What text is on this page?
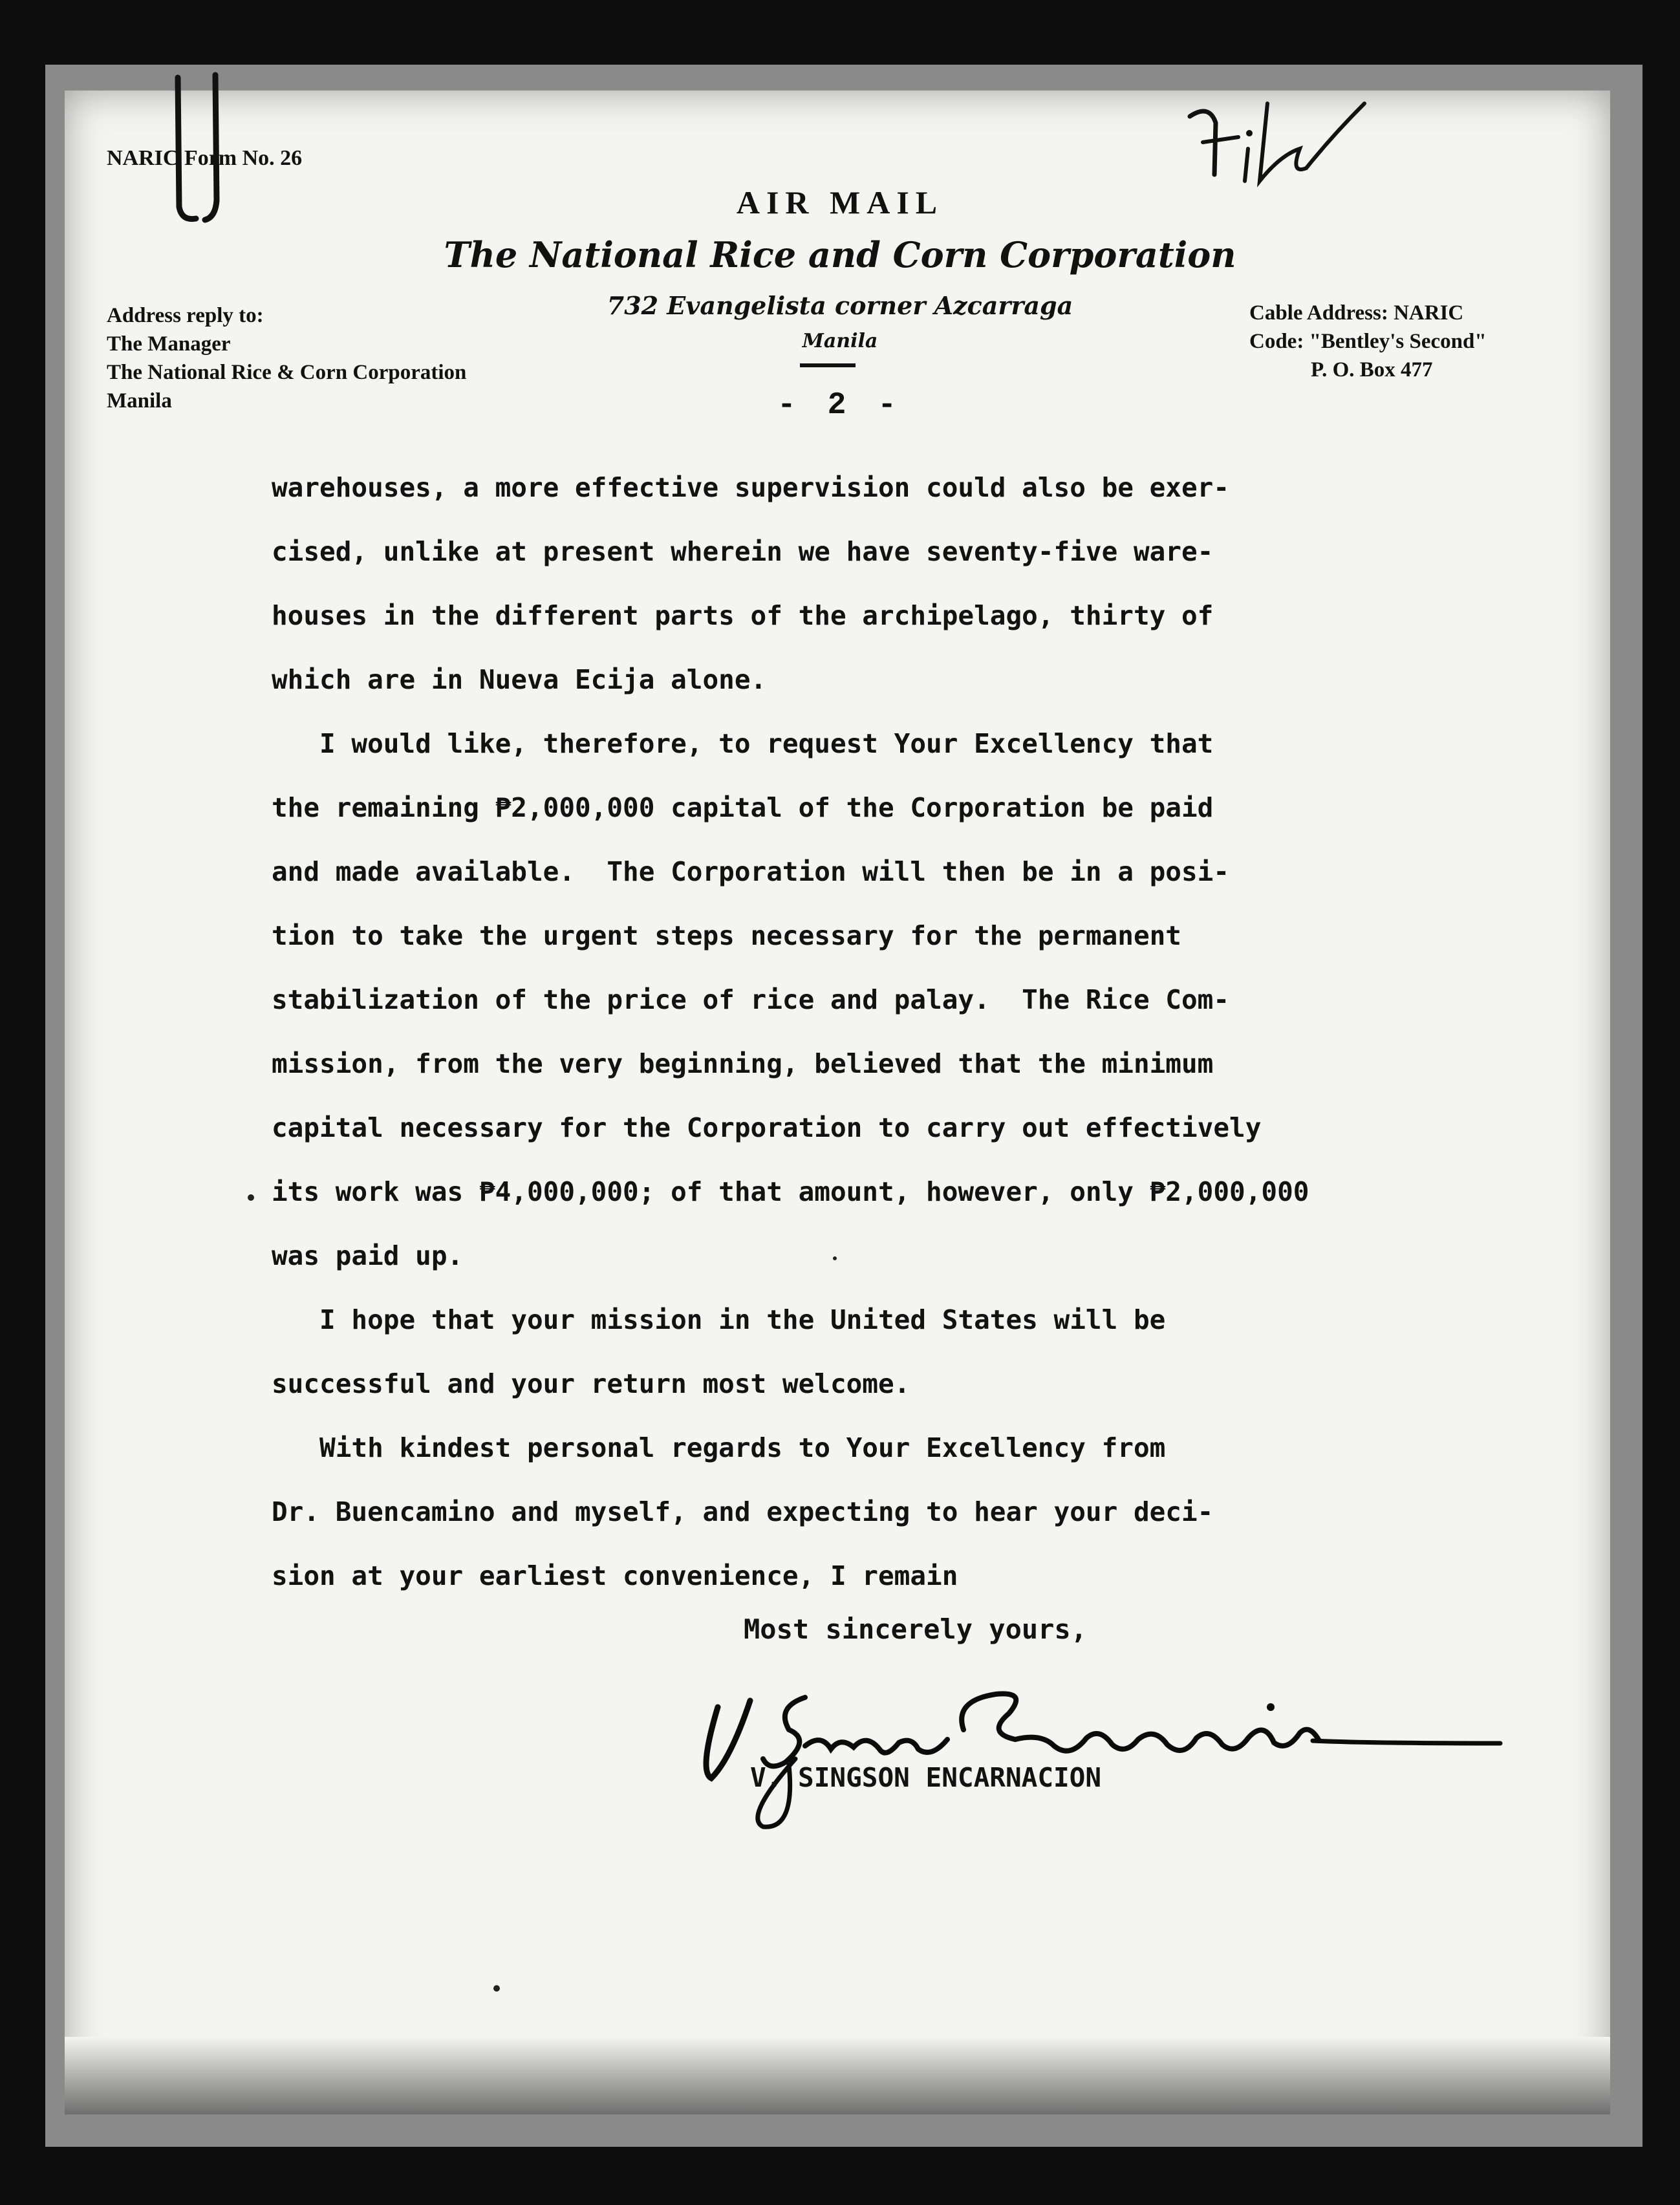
NARIC Form No. 26
AIR MAIL
The National Rice and Corn Corporation
732 Evangelista corner Azcarraga
Manila
- 2 -
Address reply to:
The Manager
The National Rice & Corn Corporation
Manila
Cable Address: NARIC
Code: "Bentley's Second"
P. O. Box 477
warehouses, a more effective supervision could also be exer-
cised, unlike at present wherein we have seventy-five ware-
houses in the different parts of the archipelago, thirty of
which are in Nueva Ecija alone.
I would like, therefore, to request Your Excellency that
the remaining ₱2,000,000 capital of the Corporation be paid
and made available.  The Corporation will then be in a posi-
tion to take the urgent steps necessary for the permanent
stabilization of the price of rice and palay.  The Rice Com-
mission, from the very beginning, believed that the minimum
capital necessary for the Corporation to carry out effectively
its work was ₱4,000,000; of that amount, however, only ₱2,000,000
was paid up.
I hope that your mission in the United States will be
successful and your return most welcome.
With kindest personal regards to Your Excellency from
Dr. Buencamino and myself, and expecting to hear your deci-
sion at your earliest convenience, I remain
Most sincerely yours,
V. SINGSON ENCARNACION
